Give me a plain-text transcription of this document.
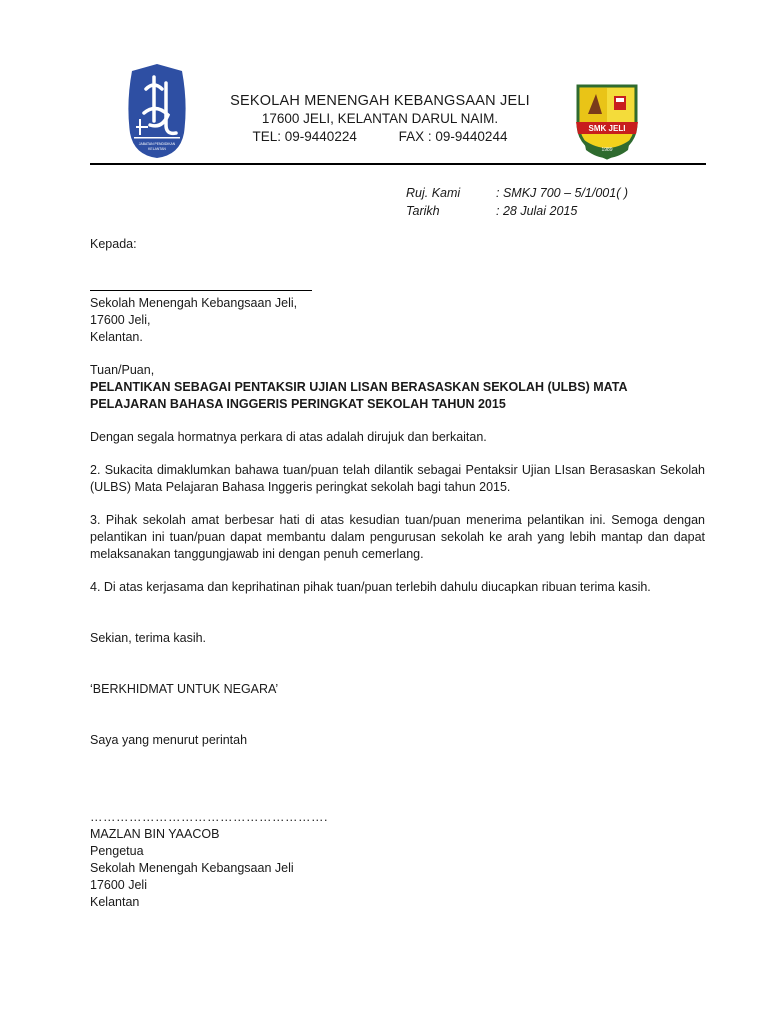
JABATAN PENDIDIKAN
KELANTAN
SEKOLAH MENENGAH KEBANGSAAN JELI
17600 JELI, KELANTAN DARUL NAIM.
TEL: 09-9440224	FAX : 09-9440244
SMK JELI
1989
Ruj. Kami	: SMKJ 700 – 5/1/001( )
Tarikh	: 28 Julai 2015

Kepada:

Sekolah Menengah Kebangsaan Jeli,

17600 Jeli,

Kelantan.

Tuan/Puan,

PELANTIKAN SEBAGAI PENTAKSIR UJIAN LISAN BERASASKAN SEKOLAH (ULBS) MATA PELAJARAN BAHASA INGGERIS PERINGKAT SEKOLAH TAHUN 2015

Dengan segala hormatnya perkara di atas adalah dirujuk dan berkaitan.

2. Sukacita dimaklumkan bahawa tuan/puan telah dilantik sebagai Pentaksir Ujian LIsan Berasaskan Sekolah (ULBS) Mata Pelajaran Bahasa Inggeris peringkat sekolah bagi tahun 2015.

3. Pihak sekolah amat berbesar hati di atas kesudian tuan/puan menerima pelantikan ini. Semoga dengan pelantikan ini tuan/puan dapat membantu dalam pengurusan sekolah ke arah yang lebih mantap dan dapat melaksanakan tanggungjawab ini dengan penuh cemerlang.

4. Di atas kerjasama dan keprihatinan pihak tuan/puan terlebih dahulu diucapkan ribuan terima kasih.

Sekian, terima kasih.

‘BERKHIDMAT UNTUK NEGARA’

Saya yang menurut perintah

……………………………………………….

MAZLAN BIN YAACOB

Pengetua

Sekolah Menengah Kebangsaan Jeli

17600 Jeli

Kelantan
